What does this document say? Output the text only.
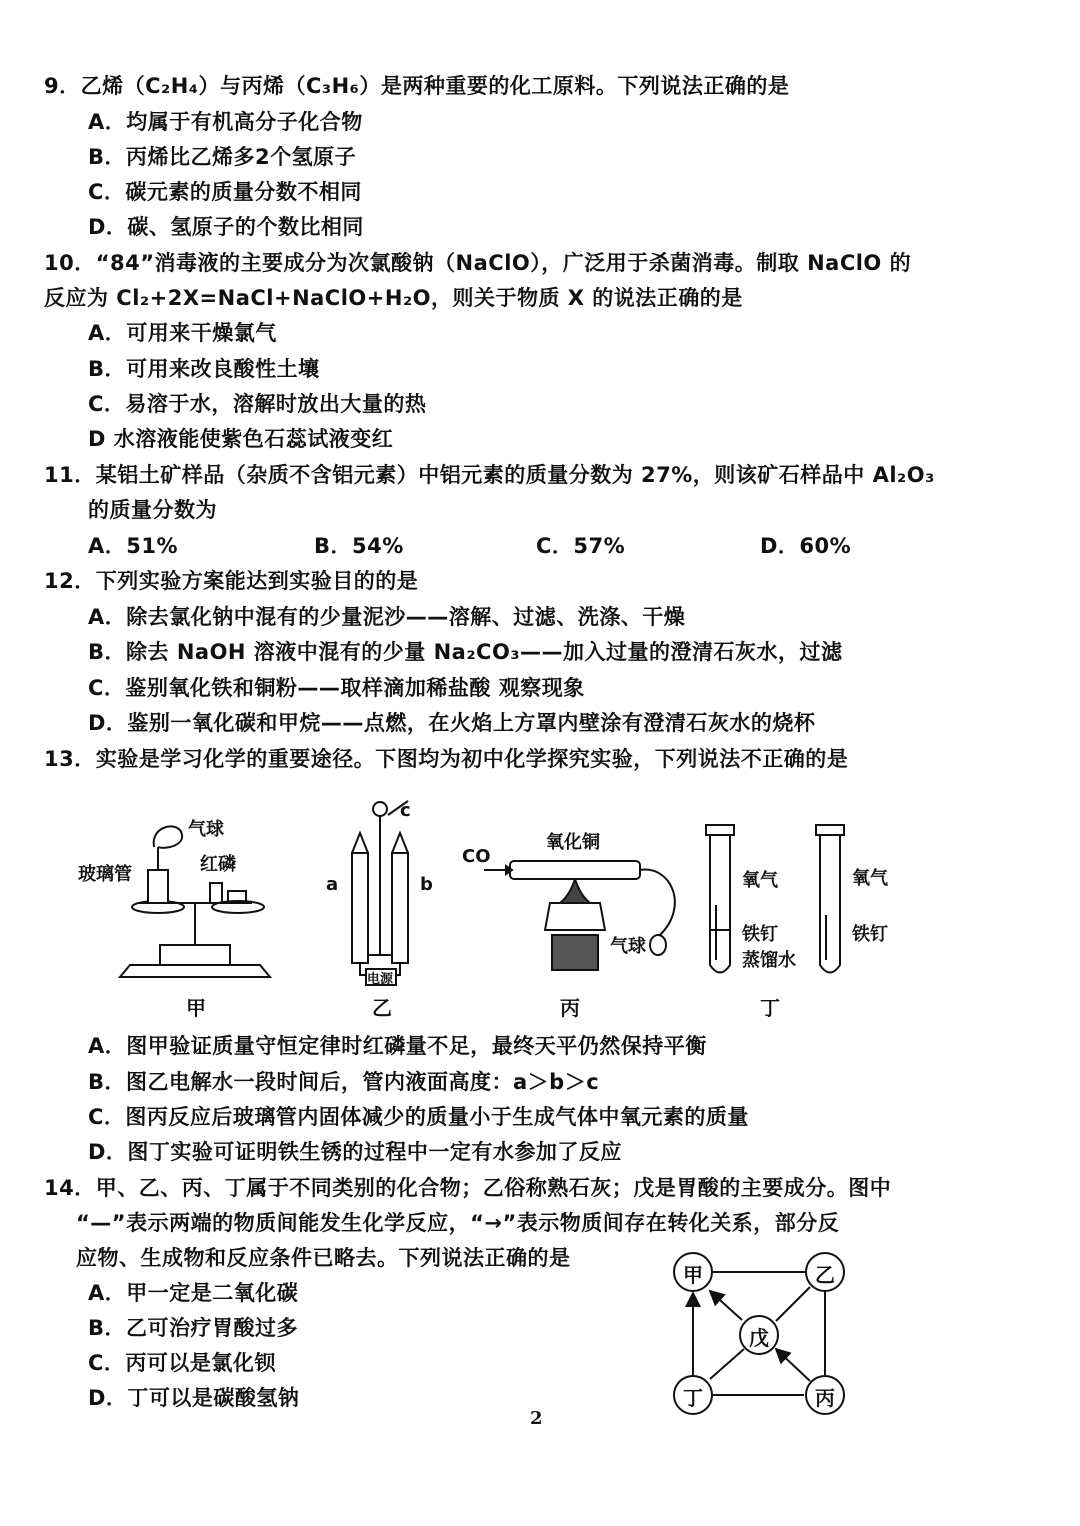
9．乙烯（C₂H₄）与丙烯（C₃H₆）是两种重要的化工原料。下列说法正确的是
A．均属于有机高分子化合物
B．丙烯比乙烯多2个氢原子
C．碳元素的质量分数不相同
D．碳、氢原子的个数比相同
10．“84”消毒液的主要成分为次氯酸钠（NaClO），广泛用于杀菌消毒。制取 NaClO 的
反应为 Cl₂+2X=NaCl+NaClO+H₂O，则关于物质 X 的说法正确的是
A．可用来干燥氯气
B．可用来改良酸性土壤
C．易溶于水，溶解时放出大量的热
D 水溶液能使紫色石蕊试液变红
11．某铝土矿样品（杂质不含铝元素）中铝元素的质量分数为 27%，则该矿石样品中 Al₂O₃
的质量分数为
A．51%	B．54%	C．57%	D．60%
12．下列实验方案能达到实验目的的是
A．除去氯化钠中混有的少量泥沙——溶解、过滤、洗涤、干燥
B．除去 NaOH 溶液中混有的少量 Na₂CO₃——加入过量的澄清石灰水，过滤
C．鉴别氧化铁和铜粉——取样滴加稀盐酸 观察现象
D．鉴别一氧化碳和甲烷——点燃，在火焰上方罩内壁涂有澄清石灰水的烧杯
13．实验是学习化学的重要途径。下图均为初中化学探究实验，下列说法不正确的是
气球
玻璃管	红磷
甲
c
a	b
电源
乙
CO
氧化铜
气球
丙
氧气
铁钉
蒸馏水
氧气
铁钉
丁
A．图甲验证质量守恒定律时红磷量不足，最终天平仍然保持平衡
B．图乙电解水一段时间后，管内液面高度：a＞b＞c
C．图丙反应后玻璃管内固体减少的质量小于生成气体中氧元素的质量
D．图丁实验可证明铁生锈的过程中一定有水参加了反应
14．甲、乙、丙、丁属于不同类别的化合物；乙俗称熟石灰；戊是胃酸的主要成分。图中
“—”表示两端的物质间能发生化学反应，“→”表示物质间存在转化关系，部分反
应物、生成物和反应条件已略去。下列说法正确的是
A．甲一定是二氧化碳
B．乙可治疗胃酸过多
C．丙可以是氯化钡
D．丁可以是碳酸氢钠
甲	乙
戊
丁	丙
2
